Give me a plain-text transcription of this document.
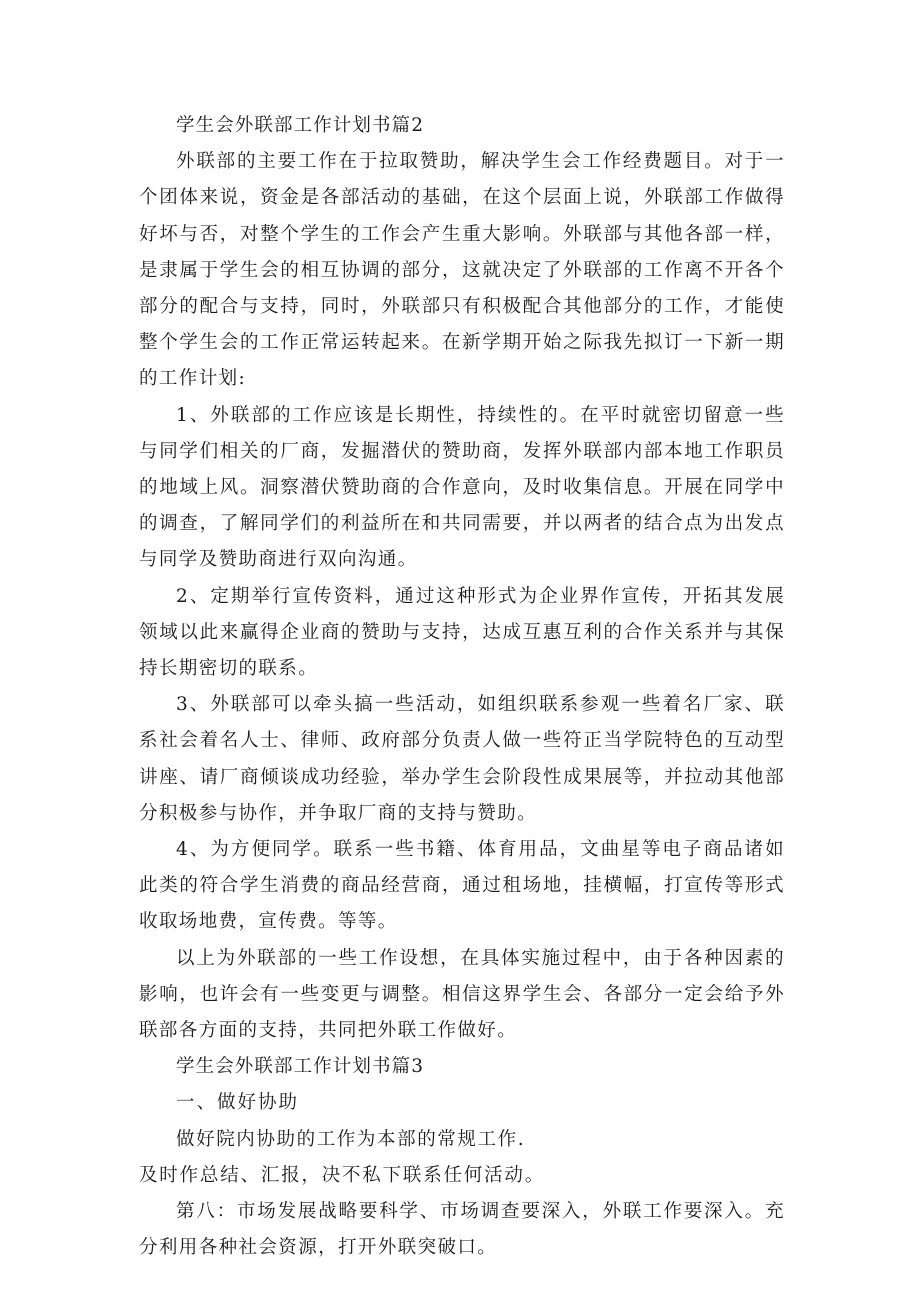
学生会外联部工作计划书篇2

外联部的主要工作在于拉取赞助，解决学生会工作经费题目。对于一个团体来说，资金是各部活动的基础，在这个层面上说，外联部工作做得好坏与否，对整个学生的工作会产生重大影响。外联部与其他各部一样，是隶属于学生会的相互协调的部分，这就决定了外联部的工作离不开各个部分的配合与支持，同时，外联部只有积极配合其他部分的工作，才能使整个学生会的工作正常运转起来。在新学期开始之际我先拟订一下新一期的工作计划:

1、外联部的工作应该是长期性，持续性的。在平时就密切留意一些与同学们相关的厂商，发掘潜伏的赞助商，发挥外联部内部本地工作职员的地域上风。洞察潜伏赞助商的合作意向，及时收集信息。开展在同学中的调查，了解同学们的利益所在和共同需要，并以两者的结合点为出发点与同学及赞助商进行双向沟通。

2、定期举行宣传资料，通过这种形式为企业界作宣传，开拓其发展领域以此来赢得企业商的赞助与支持，达成互惠互利的合作关系并与其保持长期密切的联系。

3、外联部可以牵头搞一些活动，如组织联系参观一些着名厂家、联系社会着名人士、律师、政府部分负责人做一些符正当学院特色的互动型讲座、请厂商倾谈成功经验，举办学生会阶段性成果展等，并拉动其他部分积极参与协作，并争取厂商的支持与赞助。

4、为方便同学。联系一些书籍、体育用品，文曲星等电子商品诸如此类的符合学生消费的商品经营商，通过租场地，挂横幅，打宣传等形式收取场地费，宣传费。等等。

以上为外联部的一些工作设想，在具体实施过程中，由于各种因素的影响，也许会有一些变更与调整。相信这界学生会、各部分一定会给予外联部各方面的支持，共同把外联工作做好。

学生会外联部工作计划书篇3

一、做好协助

做好院内协助的工作为本部的常规工作.

及时作总结、汇报，决不私下联系任何活动。

第八：市场发展战略要科学、市场调查要深入，外联工作要深入。充分利用各种社会资源，打开外联突破口。
